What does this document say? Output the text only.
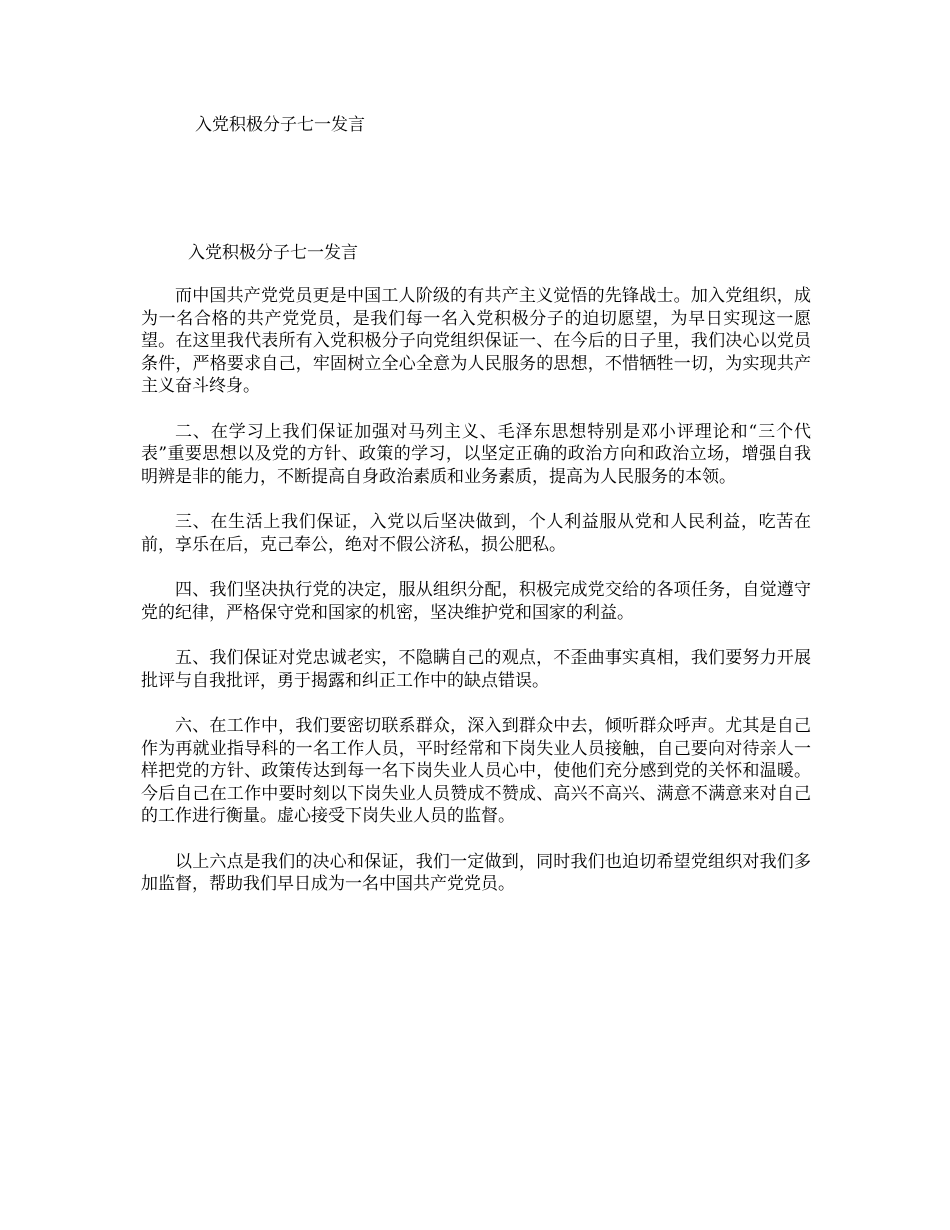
入党积极分子七一发言
入党积极分子七一发言

而中国共产党党员更是中国工人阶级的有共产主义觉悟的先锋战士。加入党组织，成为一名合格的共产党党员，是我们每一名入党积极分子的迫切愿望，为早日实现这一愿望。在这里我代表所有入党积极分子向党组织保证一、在今后的日子里，我们决心以党员条件，严格要求自己，牢固树立全心全意为人民服务的思想，不惜牺牲一切，为实现共产主义奋斗终身。

二、在学习上我们保证加强对马列主义、毛泽东思想特别是邓小评理论和“三个代表”重要思想以及党的方针、政策的学习，以坚定正确的政治方向和政治立场，增强自我明辨是非的能力，不断提高自身政治素质和业务素质，提高为人民服务的本领。

三、在生活上我们保证，入党以后坚决做到，个人利益服从党和人民利益，吃苦在前，享乐在后，克己奉公，绝对不假公济私，损公肥私。

四、我们坚决执行党的决定，服从组织分配，积极完成党交给的各项任务，自觉遵守党的纪律，严格保守党和国家的机密，坚决维护党和国家的利益。

五、我们保证对党忠诚老实，不隐瞒自己的观点，不歪曲事实真相，我们要努力开展批评与自我批评，勇于揭露和纠正工作中的缺点错误。

六、在工作中，我们要密切联系群众，深入到群众中去，倾听群众呼声。尤其是自己作为再就业指导科的一名工作人员，平时经常和下岗失业人员接触，自己要向对待亲人一样把党的方针、政策传达到每一名下岗失业人员心中，使他们充分感到党的关怀和温暖。今后自己在工作中要时刻以下岗失业人员赞成不赞成、高兴不高兴、满意不满意来对自己的工作进行衡量。虚心接受下岗失业人员的监督。

以上六点是我们的决心和保证，我们一定做到，同时我们也迫切希望党组织对我们多加监督，帮助我们早日成为一名中国共产党党员。
